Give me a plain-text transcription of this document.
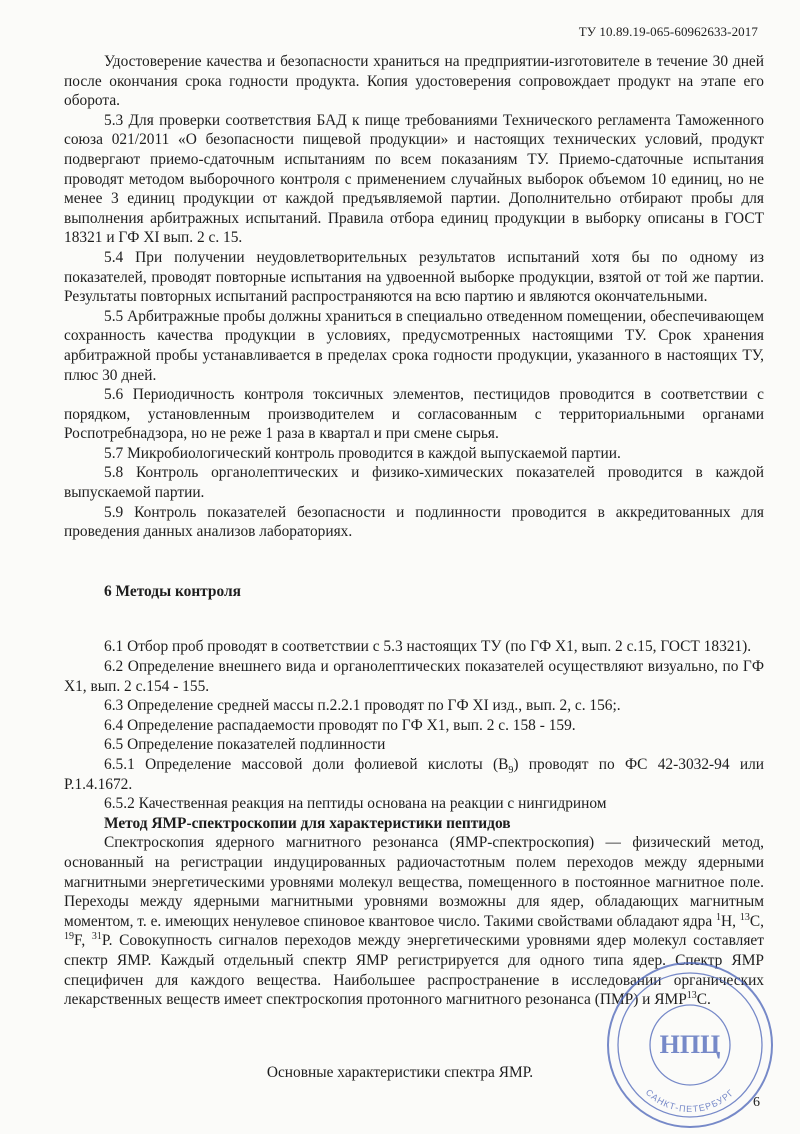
ТУ 10.89.19-065-60962633-2017

Удостоверение качества и безопасности храниться на предприятии-изготовителе в течение 30 дней после окончания срока годности продукта. Копия удостоверения сопровождает продукт на этапе его оборота.

5.3 Для проверки соответствия БАД к пище требованиями Технического регламента Таможенного союза 021/2011 «О безопасности пищевой продукции» и настоящих технических условий, продукт подвергают приемо-сдаточным испытаниям по всем показаниям ТУ. Приемо-сдаточные испытания проводят методом выборочного контроля с применением случайных выборок объемом 10 единиц, но не менее 3 единиц продукции от каждой предъявляемой партии. Дополнительно отбирают пробы для выполнения арбитражных испытаний. Правила отбора единиц продукции в выборку описаны в ГОСТ 18321 и ГФ XI вып. 2 с. 15.

5.4 При получении неудовлетворительных результатов испытаний хотя бы по одному из показателей, проводят повторные испытания на удвоенной выборке продукции, взятой от той же партии. Результаты повторных испытаний распространяются на всю партию и являются окончательными.

5.5 Арбитражные пробы должны храниться в специально отведенном помещении, обеспечивающем сохранность качества продукции в условиях, предусмотренных настоящими ТУ. Срок хранения арбитражной пробы устанавливается в пределах срока годности продукции, указанного в настоящих ТУ, плюс 30 дней.

5.6 Периодичность контроля токсичных элементов, пестицидов проводится в соответствии с порядком, установленным производителем и согласованным с территориальными органами Роспотребнадзора, но не реже 1 раза в квартал и при смене сырья.

5.7 Микробиологический контроль проводится в каждой выпускаемой партии.

5.8 Контроль органолептических и физико-химических показателей проводится в каждой выпускаемой партии.

5.9 Контроль показателей безопасности и подлинности проводится в аккредитованных для проведения данных анализов лабораториях.

6 Методы контроля

6.1 Отбор проб проводят в соответствии с 5.3 настоящих ТУ (по ГФ Х1, вып. 2 с.15, ГОСТ 18321).

6.2 Определение внешнего вида и органолептических показателей осуществляют визуально, по ГФ Х1, вып. 2 с.154 - 155.

6.3 Определение средней массы п.2.2.1 проводят по ГФ XI изд., вып. 2, с. 156;.

6.4 Определение распадаемости проводят по ГФ Х1, вып. 2 с. 158 - 159.

6.5 Определение показателей подлинности

6.5.1 Определение массовой доли фолиевой кислоты $(В_9)$ проводят по ФС 42-3032-94 или Р.1.4.1672.

6.5.2 Качественная реакция на пептиды основана на реакции с нингидрином

Метод ЯМР-спектроскопии для характеристики пептидов

Спектроскопия ядерного магнитного резонанса (ЯМР-спектроскопия) — физический метод, основанный на регистрации индуцированных радиочастотным полем переходов между ядерными магнитными энергетическими уровнями молекул вещества, помещенного в постоянное магнитное поле. Переходы между ядерными магнитными уровнями возможны для ядер, обладающих магнитным моментом, т. е. имеющих ненулевое спиновое квантовое число. Такими свойствами обладают ядра $^1$H, $^{13}$C, $^{19}$F, $^{31}$P. Совокупность сигналов переходов между энергетическими уровнями ядер молекул составляет спектр ЯМР. Каждый отдельный спектр ЯМР регистрируется для одного типа ядер. Спектр ЯМР специфичен для каждого вещества. Наибольшее распространение в исследовании органических лекарственных веществ имеет спектроскопия протонного магнитного резонанса (ПМР) и ЯМР$^{13}$С.

Основные характеристики спектра ЯМР.
6
САНКТ-ПЕТЕРБУРГ
НПЦ
